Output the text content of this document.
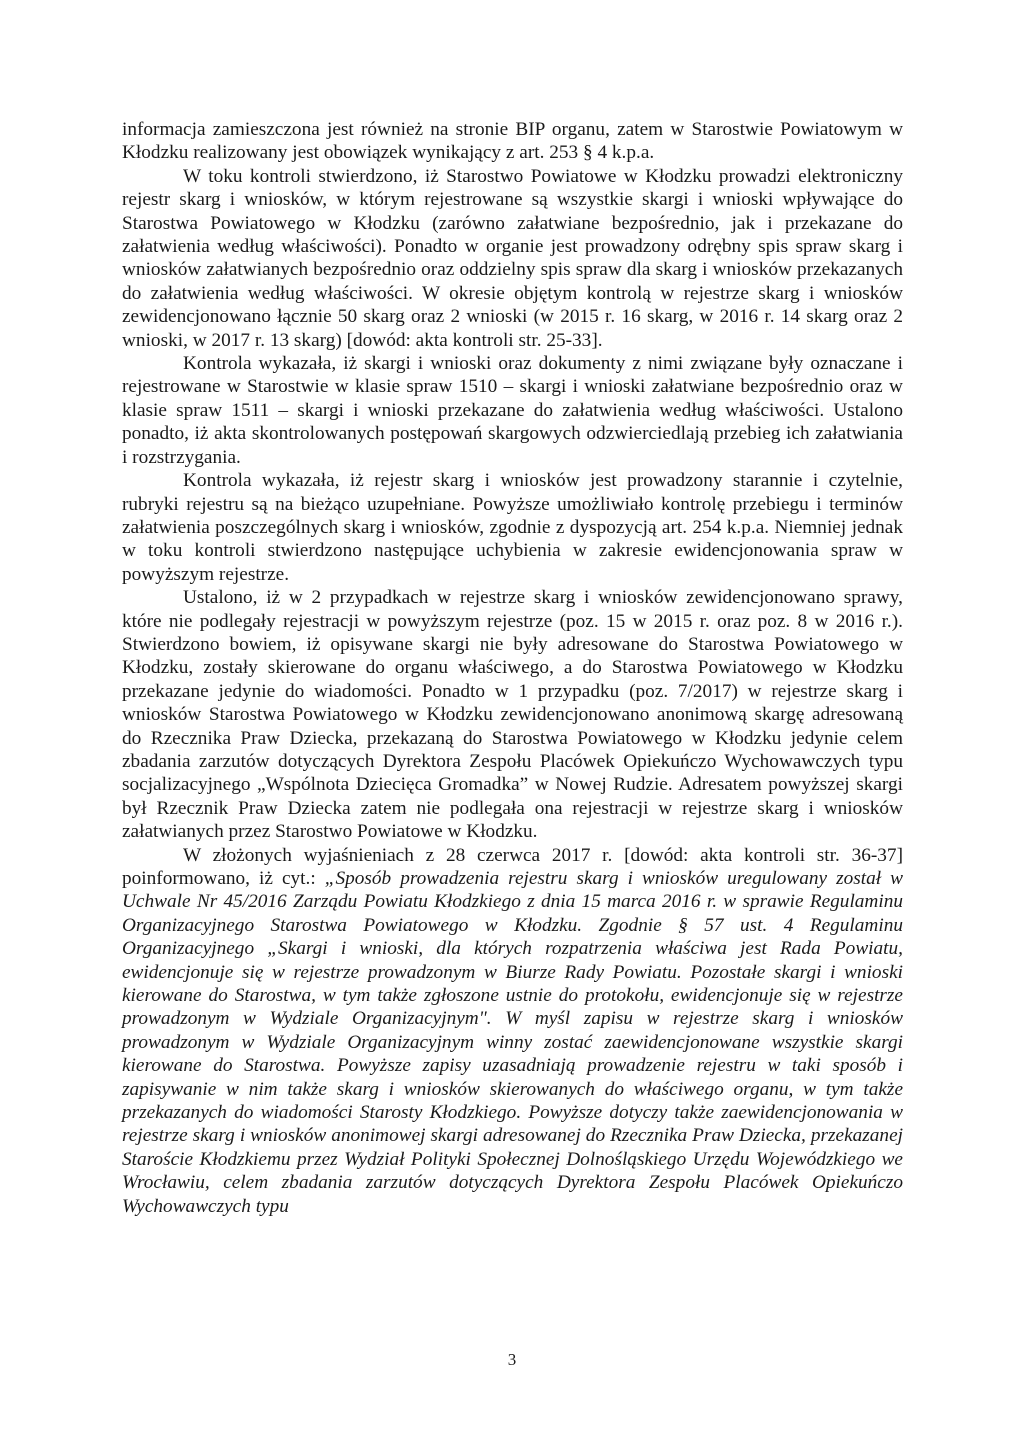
informacja zamieszczona jest również na stronie BIP organu, zatem w Starostwie Powiatowym w Kłodzku realizowany jest obowiązek wynikający z art. 253 § 4 k.p.a.

W toku kontroli stwierdzono, iż Starostwo Powiatowe w Kłodzku prowadzi elektroniczny rejestr skarg i wniosków, w którym rejestrowane są wszystkie skargi i wnioski wpływające do Starostwa Powiatowego w Kłodzku (zarówno załatwiane bezpośrednio, jak i przekazane do załatwienia według właściwości). Ponadto w organie jest prowadzony odrębny spis spraw skarg i wniosków załatwianych bezpośrednio oraz oddzielny spis spraw dla skarg i wniosków przekazanych do załatwienia według właściwości. W okresie objętym kontrolą w rejestrze skarg i wniosków zewidencjonowano łącznie 50 skarg oraz 2 wnioski (w 2015 r. 16 skarg, w 2016 r. 14 skarg oraz 2 wnioski, w 2017 r. 13 skarg) [dowód: akta kontroli str. 25-33].

Kontrola wykazała, iż skargi i wnioski oraz dokumenty z nimi związane były oznaczane i rejestrowane w Starostwie w klasie spraw 1510 – skargi i wnioski załatwiane bezpośrednio oraz w klasie spraw 1511 – skargi i wnioski przekazane do załatwienia według właściwości. Ustalono ponadto, iż akta skontrolowanych postępowań skargowych odzwierciedlają przebieg ich załatwiania i rozstrzygania.

Kontrola wykazała, iż rejestr skarg i wniosków jest prowadzony starannie i czytelnie, rubryki rejestru są na bieżąco uzupełniane. Powyższe umożliwiało kontrolę przebiegu i terminów załatwienia poszczególnych skarg i wniosków, zgodnie z dyspozycją art. 254 k.p.a. Niemniej jednak w toku kontroli stwierdzono następujące uchybienia w zakresie ewidencjonowania spraw w powyższym rejestrze.

Ustalono, iż w 2 przypadkach w rejestrze skarg i wniosków zewidencjonowano sprawy, które nie podlegały rejestracji w powyższym rejestrze (poz. 15 w 2015 r. oraz poz. 8 w 2016 r.). Stwierdzono bowiem, iż opisywane skargi nie były adresowane do Starostwa Powiatowego w Kłodzku, zostały skierowane do organu właściwego, a do Starostwa Powiatowego w Kłodzku przekazane jedynie do wiadomości. Ponadto w 1 przypadku (poz. 7/2017) w rejestrze skarg i wniosków Starostwa Powiatowego w Kłodzku zewidencjonowano anonimową skargę adresowaną do Rzecznika Praw Dziecka, przekazaną do Starostwa Powiatowego w Kłodzku jedynie celem zbadania zarzutów dotyczących Dyrektora Zespołu Placówek Opiekuńczo Wychowawczych typu socjalizacyjnego „Wspólnota Dziecięca Gromadka” w Nowej Rudzie. Adresatem powyższej skargi był Rzecznik Praw Dziecka zatem nie podlegała ona rejestracji w rejestrze skarg i wniosków załatwianych przez Starostwo Powiatowe w Kłodzku.

W złożonych wyjaśnieniach z 28 czerwca 2017 r. [dowód: akta kontroli str. 36-37] poinformowano, iż cyt.: „Sposób prowadzenia rejestru skarg i wniosków uregulowany został w Uchwale Nr 45/2016 Zarządu Powiatu Kłodzkiego z dnia 15 marca 2016 r. w sprawie Regulaminu Organizacyjnego Starostwa Powiatowego w Kłodzku. Zgodnie § 57 ust. 4 Regulaminu Organizacyjnego „Skargi i wnioski, dla których rozpatrzenia właściwa jest Rada Powiatu, ewidencjonuje się w rejestrze prowadzonym w Biurze Rady Powiatu. Pozostałe skargi i wnioski kierowane do Starostwa, w tym także zgłoszone ustnie do protokołu, ewidencjonuje się w rejestrze prowadzonym w Wydziale Organizacyjnym". W myśl zapisu w rejestrze skarg i wniosków prowadzonym w Wydziale Organizacyjnym winny zostać zaewidencjonowane wszystkie skargi kierowane do Starostwa. Powyższe zapisy uzasadniają prowadzenie rejestru w taki sposób i zapisywanie w nim także skarg i wniosków skierowanych do właściwego organu, w tym także przekazanych do wiadomości Starosty Kłodzkiego. Powyższe dotyczy także zaewidencjonowania w rejestrze skarg i wniosków anonimowej skargi adresowanej do Rzecznika Praw Dziecka, przekazanej Staroście Kłodzkiemu przez Wydział Polityki Społecznej Dolnośląskiego Urzędu Wojewódzkiego we Wrocławiu, celem zbadania zarzutów dotyczących Dyrektora Zespołu Placówek Opiekuńczo Wychowawczych typu

3
